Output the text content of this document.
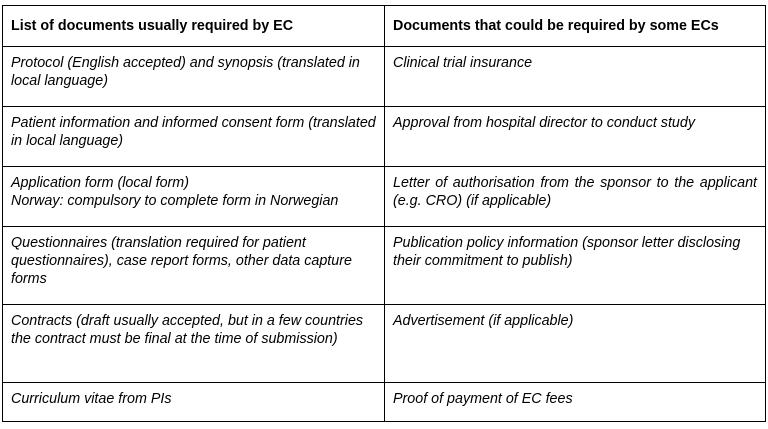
List of documents usually required by EC	Documents that could be required by some ECs
Protocol (English accepted) and synopsis (translated in local language)	Clinical trial insurance
Patient information and informed consent form (translated in local language)	Approval from hospital director to conduct study

Application form (local form)
Norway: compulsory to complete form in Norwegian	Letter of authorisation from the sponsor to the applicant (e.g. CRO) (if applicable)
Questionnaires (translation required for patient questionnaires), case report forms, other data capture forms	Publication policy information (sponsor letter disclosing their commitment to publish)
Contracts (draft usually accepted, but in a few countries the contract must be final at the time of submission)	Advertisement (if applicable)
Curriculum vitae from PIs	Proof of payment of EC fees
